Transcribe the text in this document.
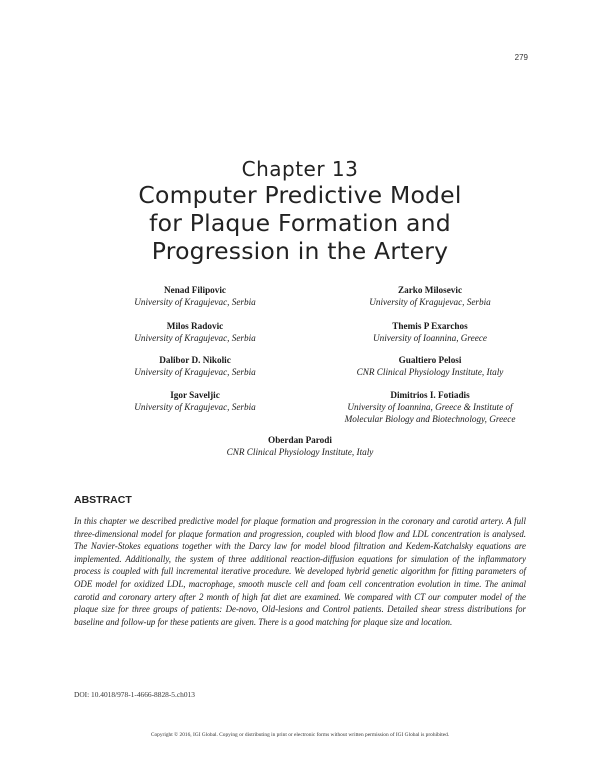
279
Chapter 13
Computer Predictive Model
for Plaque Formation and
Progression in the Artery
Nenad Filipovic
University of Kragujevac, Serbia
Zarko Milosevic
University of Kragujevac, Serbia
Milos Radovic
University of Kragujevac, Serbia
Themis P Exarchos
University of Ioannina, Greece
Dalibor D. Nikolic
University of Kragujevac, Serbia
Gualtiero Pelosi
CNR Clinical Physiology Institute, Italy
Igor Saveljic
University of Kragujevac, Serbia
Dimitrios I. Fotiadis
University of Ioannina, Greece & Institute of
Molecular Biology and Biotechnology, Greece
Oberdan Parodi
CNR Clinical Physiology Institute, Italy
ABSTRACT
In this chapter we described predictive model for plaque formation and progression in the coronary and carotid artery. A full three-dimensional model for plaque formation and progression, coupled with blood flow and LDL concentration is analysed. The Navier-Stokes equations together with the Darcy law for model blood filtration and Kedem-Katchalsky equations are implemented. Additionally, the system of three additional reaction-diffusion equations for simulation of the inflammatory process is coupled with full incremental iterative procedure. We developed hybrid genetic algorithm for fitting parameters of ODE model for oxidized LDL, macrophage, smooth muscle cell and foam cell concentration evolution in time. The animal carotid and coronary artery after 2 month of high fat diet are examined. We compared with CT our computer model of the plaque size for three groups of patients: De-novo, Old-lesions and Control patients. Detailed shear stress distributions for baseline and follow-up for these patients are given. There is a good matching for plaque size and location.
DOI: 10.4018/978-1-4666-8828-5.ch013
Copyright © 2016, IGI Global. Copying or distributing in print or electronic forms without written permission of IGI Global is prohibited.
